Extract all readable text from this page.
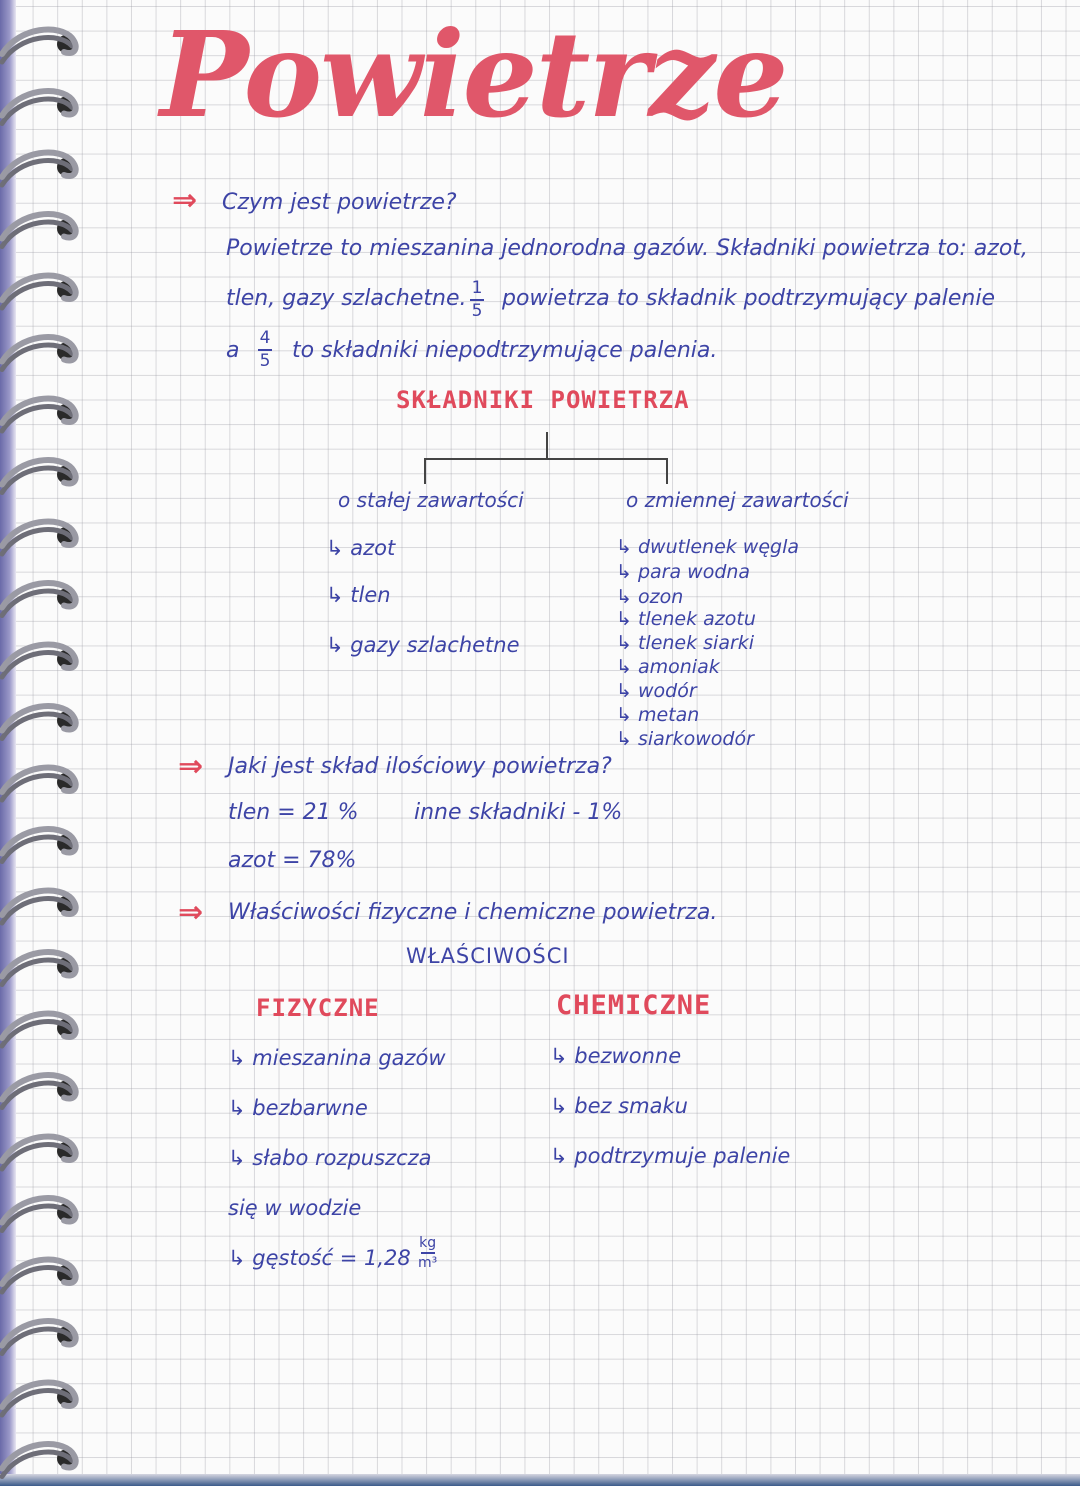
Powietrze
⇒ Czym jest powietrze?
Powietrze to mieszanina jednorodna gazów. Składniki powietrza to: azot,
tlen, gazy szlachetne. 1
5 powietrza to składnik podtrzymujący palenie
a 4
5 to składniki niepodtrzymujące palenia.
SKŁADNIKI POWIETRZA
o stałej zawartości	o zmiennej zawartości
↳ azot
↳ tlen
↳ gazy szlachetne
↳ dwutlenek węgla
↳ para wodna
↳ ozon
↳ tlenek azotu
↳ tlenek siarki
↳ amoniak
↳ wodór
↳ metan
↳ siarkowodór
⇒ Jaki jest skład ilościowy powietrza?
tlen = 21 %	inne składniki - 1%
azot = 78%
⇒ Właściwości fizyczne i chemiczne powietrza.
WŁAŚCIWOŚCI
FIZYCZNE	CHEMICZNE
↳ mieszanina gazów
↳ bezbarwne
↳ słabo rozpuszcza
się w wodzie
↳ gęstość = 1,28
kg
m³
↳ bezwonne
↳ bez smaku
↳ podtrzymuje palenie
